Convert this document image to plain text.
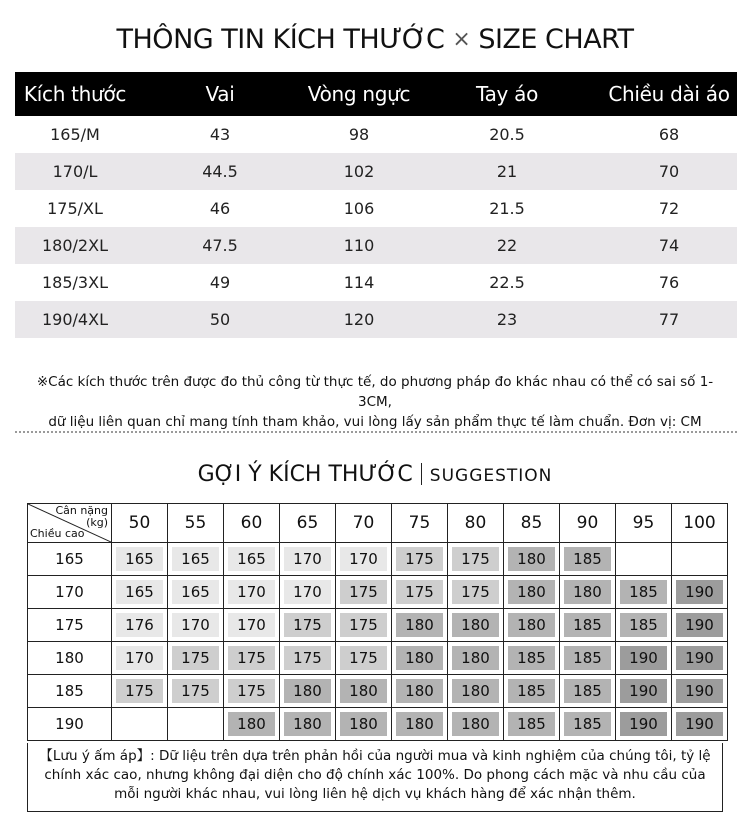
THÔNG TIN KÍCH THƯỚC × SIZE CHART
Kích thước	Vai	Vòng ngực	Tay áo	Chiều dài áo
165/M	43	98	20.5	68
170/L	44.5	102	21	70
175/XL	46	106	21.5	72
180/2XL	47.5	110	22	74
185/3XL	49	114	22.5	76
190/4XL	50	120	23	77
※Các kích thước trên được đo thủ công từ thực tế, do phương pháp đo khác nhau có thể có sai số 1-3CM,
dữ liệu liên quan chỉ mang tính tham khảo, vui lòng lấy sản phẩm thực tế làm chuẩn. Đơn vị: CM
GỢI Ý KÍCH THƯỚC SUGGESTION
Cân nặng
(kg)
Chiều cao	50	55	60	65	70	75	80	85	90	95	100
165	165	165	165	170	170	175	175	180	185		

170	165	165	170	170	175	175	175	180	180	185	190

175	176	170	170	175	175	180	180	180	185	185	190

180	170	175	175	175	175	180	180	185	185	190	190

185	175	175	175	180	180	180	180	185	185	190	190

190			180	180	180	180	180	185	185	190	190
【Lưu ý ấm áp】: Dữ liệu trên dựa trên phản hồi của người mua và kinh nghiệm của chúng tôi, tỷ lệ
chính xác cao, nhưng không đại diện cho độ chính xác 100%. Do phong cách mặc và nhu cầu của
mỗi người khác nhau, vui lòng liên hệ dịch vụ khách hàng để xác nhận thêm.
